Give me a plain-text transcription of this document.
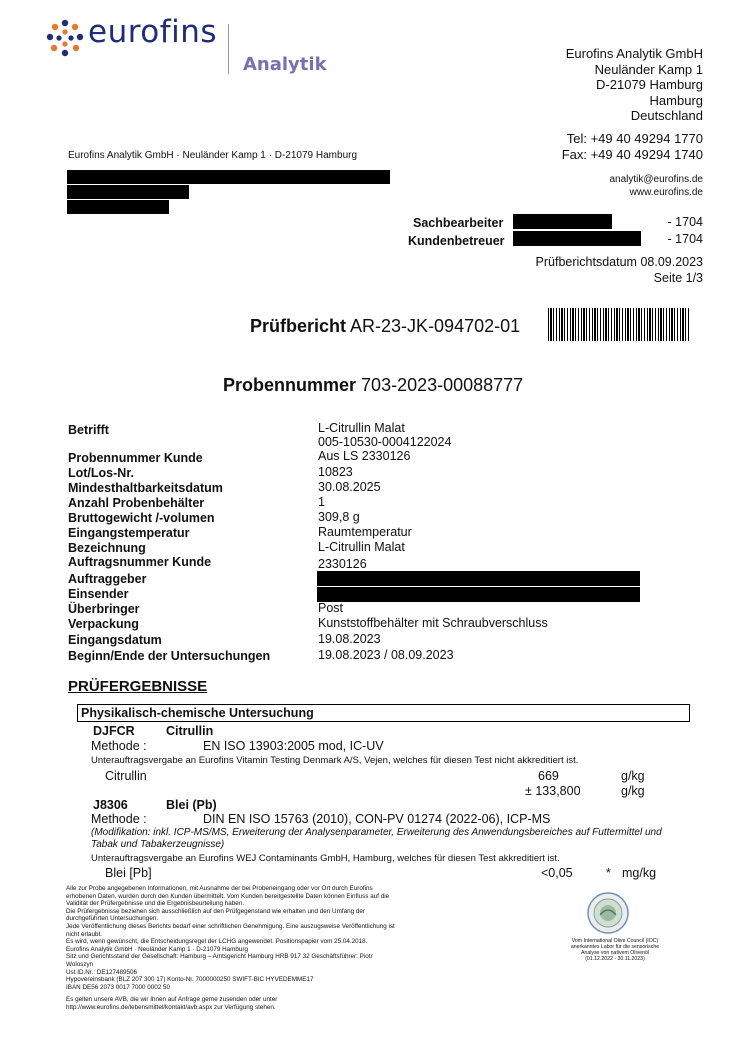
eurofins
Analytik
Eurofins Analytik GmbH
Neuländer Kamp 1
D-21079 Hamburg
Hamburg
Deutschland
Tel: +49 40 49294 1770
Fax: +49 40 49294 1740
analytik@eurofins.de
www.eurofins.de
Eurofins Analytik GmbH · Neuländer Kamp 1 · D-21079 Hamburg
Sachbearbeiter	- 1704
Kundenbetreuer	- 1704
Prüfberichtsdatum 08.09.2023
Seite 1/3
Prüfbericht AR-23-JK-094702-01
Probennummer 703-2023-00088777
Betrifft	L-Citrullin Malat
005-10530-0004122024
Probennummer Kunde	Aus LS 2330126
Lot/Los-Nr.	10823
Mindesthaltbarkeitsdatum	30.08.2025
Anzahl Probenbehälter	1
Bruttogewicht /-volumen	309,8 g
Eingangstemperatur	Raumtemperatur
Bezeichnung	L-Citrullin Malat
Auftragsnummer Kunde	2330126
Auftraggeber
Einsender
Überbringer	Post
Verpackung	Kunststoffbehälter mit Schraubverschluss
Eingangsdatum	19.08.2023
Beginn/Ende der Untersuchungen	19.08.2023 / 08.09.2023
PRÜFERGEBNISSE
Physikalisch-chemische Untersuchung
DJFCR	Citrullin
Methode :	EN ISO 13903:2005 mod, IC-UV
Unterauftragsvergabe an Eurofins Vitamin Testing Denmark A/S, Vejen, welches für diesen Test nicht akkreditiert ist.
Citrullin	669	g/kg
± 133,800	g/kg
J8306	Blei (Pb)
Methode :	DIN EN ISO 15763 (2010), CON-PV 01274 (2022-06), ICP-MS
(Modifikation: inkl. ICP-MS/MS, Erweiterung der Analysenparameter, Erweiterung des Anwendungsbereiches auf Futtermittel und
Tabak und Tabakerzeugnisse)
Unterauftragsvergabe an Eurofins WEJ Contaminants GmbH, Hamburg, welches für diesen Test akkreditiert ist.
Blei [Pb]	<0,05	* mg/kg
Alle zur Probe angegebenen Informationen, mit Ausnahme der bei Probeneingang oder vor Ort durch Eurofins
erhobenen Daten, wurden durch den Kunden übermittelt. Vom Kunden bereitgestellte Daten können Einfluss auf die
Validität der Prüfergebnisse und die Ergebnisbeurteilung haben.
Die Prüfergebnisse beziehen sich ausschließlich auf den Prüfgegenstand wie erhalten und den Umfang der
durchgeführten Untersuchungen.
Jede Veröffentlichung dieses Berichts bedarf einer schriftlichen Genehmigung. Eine auszugsweise Veröffentlichung ist
nicht erlaubt.
Es wird, wenn gewünscht, die Entscheidungsregel der LCHG angewendet. Positionspapier vom 25.04.2018.
Eurofins Analytik GmbH · Neuländer Kamp 1 · D-21079 Hamburg
Sitz und Gerichtsstand der Gesellschaft: Hamburg – Amtsgericht Hamburg HRB 917 32 Geschäftsführer: Piotr
Woloszyn
Ust ID.Nr.: DE127489506
Hypovereinsbank (BLZ 207 300 17) Konto-Nr. 7000000250 SWIFT-BIC HYVEDEMME17
IBAN DE56 2073 0017 7000 0002 50
Es gelten unsere AVB, die wir Ihnen auf Anfrage gerne zusenden oder unter
http://www.eurofins.de/lebensmittel/kontakt/avb.aspx zur Verfügung stehen.
Vom International Olive Council (IOC)
anerkanntes Labor für die sensorische
Analyse von nativem Olivenöl
(01.12.2022 - 30.11.2023)
